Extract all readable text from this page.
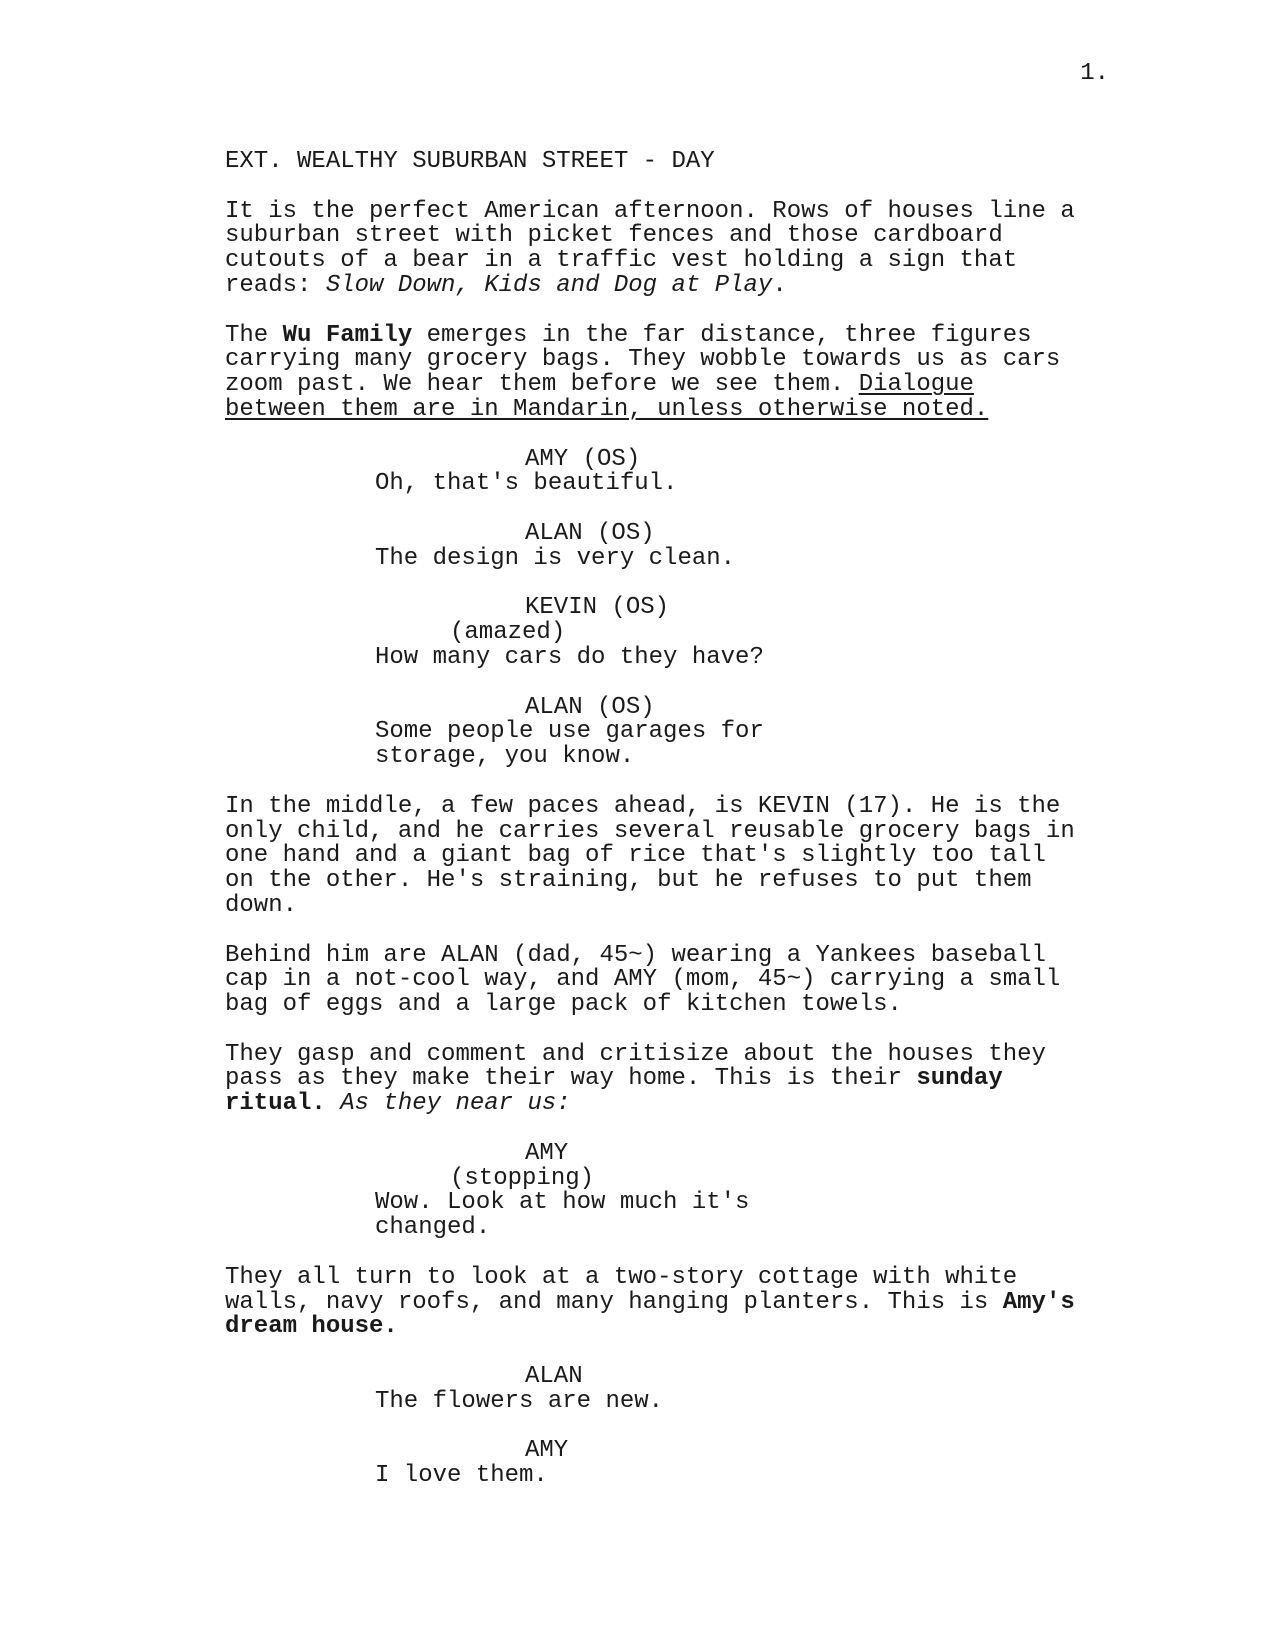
1.
EXT. WEALTHY SUBURBAN STREET - DAY
It is the perfect American afternoon. Rows of houses line a
suburban street with picket fences and those cardboard
cutouts of a bear in a traffic vest holding a sign that
reads: Slow Down, Kids and Dog at Play.
The Wu Family emerges in the far distance, three figures
carrying many grocery bags. They wobble towards us as cars
zoom past. We hear them before we see them. Dialogue
between them are in Mandarin, unless otherwise noted.
AMY (OS)
Oh, that's beautiful.
ALAN (OS)
The design is very clean.
KEVIN (OS)
(amazed)
How many cars do they have?
ALAN (OS)
Some people use garages for
storage, you know.
In the middle, a few paces ahead, is KEVIN (17). He is the
only child, and he carries several reusable grocery bags in
one hand and a giant bag of rice that's slightly too tall
on the other. He's straining, but he refuses to put them
down.
Behind him are ALAN (dad, 45~) wearing a Yankees baseball
cap in a not-cool way, and AMY (mom, 45~) carrying a small
bag of eggs and a large pack of kitchen towels.
They gasp and comment and critisize about the houses they
pass as they make their way home. This is their sunday
ritual. As they near us:
AMY
(stopping)
Wow. Look at how much it's
changed.
They all turn to look at a two-story cottage with white
walls, navy roofs, and many hanging planters. This is Amy's
dream house.
ALAN
The flowers are new.
AMY
I love them.
